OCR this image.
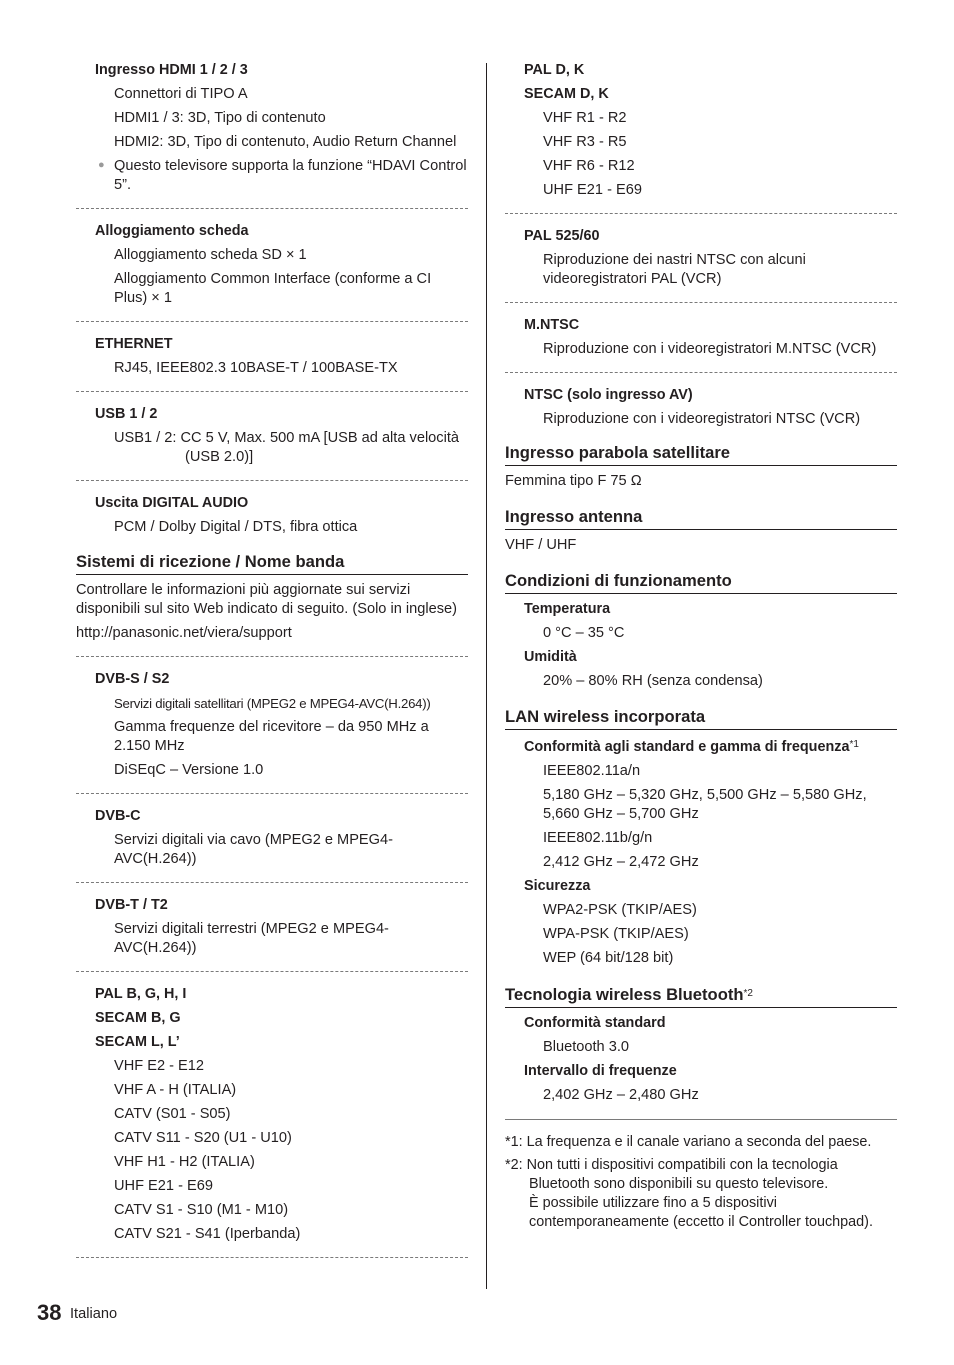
Ingresso HDMI 1 / 2 / 3
Connettori di TIPO A
HDMI1 / 3: 3D, Tipo di contenuto
HDMI2: 3D, Tipo di contenuto, Audio Return Channel
● Questo televisore supporta la funzione “HDAVI Control 5”.
Alloggiamento scheda
Alloggiamento scheda SD × 1
Alloggiamento Common Interface (conforme a CI Plus) × 1
ETHERNET
RJ45, IEEE802.3 10BASE-T / 100BASE-TX
USB 1 / 2
USB1 / 2: CC 5 V, Max. 500 mA [USB ad alta velocità (USB 2.0)]
Uscita DIGITAL AUDIO
PCM / Dolby Digital / DTS, fibra ottica
Sistemi di ricezione / Nome banda
Controllare le informazioni più aggiornate sui servizi disponibili sul sito Web indicato di seguito. (Solo in inglese)
http://panasonic.net/viera/support
DVB-S / S2
Servizi digitali satellitari (MPEG2 e MPEG4-AVC(H.264))
Gamma frequenze del ricevitore – da 950 MHz a 2.150 MHz
DiSEqC – Versione 1.0
DVB-C
Servizi digitali via cavo (MPEG2 e MPEG4-AVC(H.264))
DVB-T / T2
Servizi digitali terrestri (MPEG2 e MPEG4-AVC(H.264))
PAL B, G, H, I
SECAM B, G
SECAM L, L’
VHF E2 - E12
VHF A - H (ITALIA)
CATV (S01 - S05)
CATV S11 - S20 (U1 - U10)
VHF H1 - H2 (ITALIA)
UHF E21 - E69
CATV S1 - S10 (M1 - M10)
CATV S21 - S41 (Iperbanda)
PAL D, K
SECAM D, K
VHF R1 - R2
VHF R3 - R5
VHF R6 - R12
UHF E21 - E69
PAL 525/60
Riproduzione dei nastri NTSC con alcuni videoregistratori PAL (VCR)
M.NTSC
Riproduzione con i videoregistratori M.NTSC (VCR)
NTSC (solo ingresso AV)
Riproduzione con i videoregistratori NTSC (VCR)
Ingresso parabola satellitare
Femmina tipo F 75 Ω
Ingresso antenna
VHF / UHF
Condizioni di funzionamento
Temperatura
0 °C – 35 °C
Umidità
20% – 80% RH (senza condensa)
LAN wireless incorporata
Conformità agli standard e gamma di frequenza$^{*1}$
IEEE802.11a/n
5,180 GHz – 5,320 GHz, 5,500 GHz – 5,580 GHz, 5,660 GHz – 5,700 GHz
IEEE802.11b/g/n
2,412 GHz – 2,472 GHz
Sicurezza
WPA2-PSK (TKIP/AES)
WPA-PSK (TKIP/AES)
WEP (64 bit/128 bit)
Tecnologia wireless Bluetooth$^{*2}$
Conformità standard
Bluetooth 3.0
Intervallo di frequenze
2,402 GHz – 2,480 GHz
*1: La frequenza e il canale variano a seconda del paese.
*2: Non tutti i dispositivi compatibili con la tecnologia Bluetooth sono disponibili su questo televisore.
È possibile utilizzare fino a 5 dispositivi contemporaneamente (eccetto il Controller touchpad).
38 Italiano
